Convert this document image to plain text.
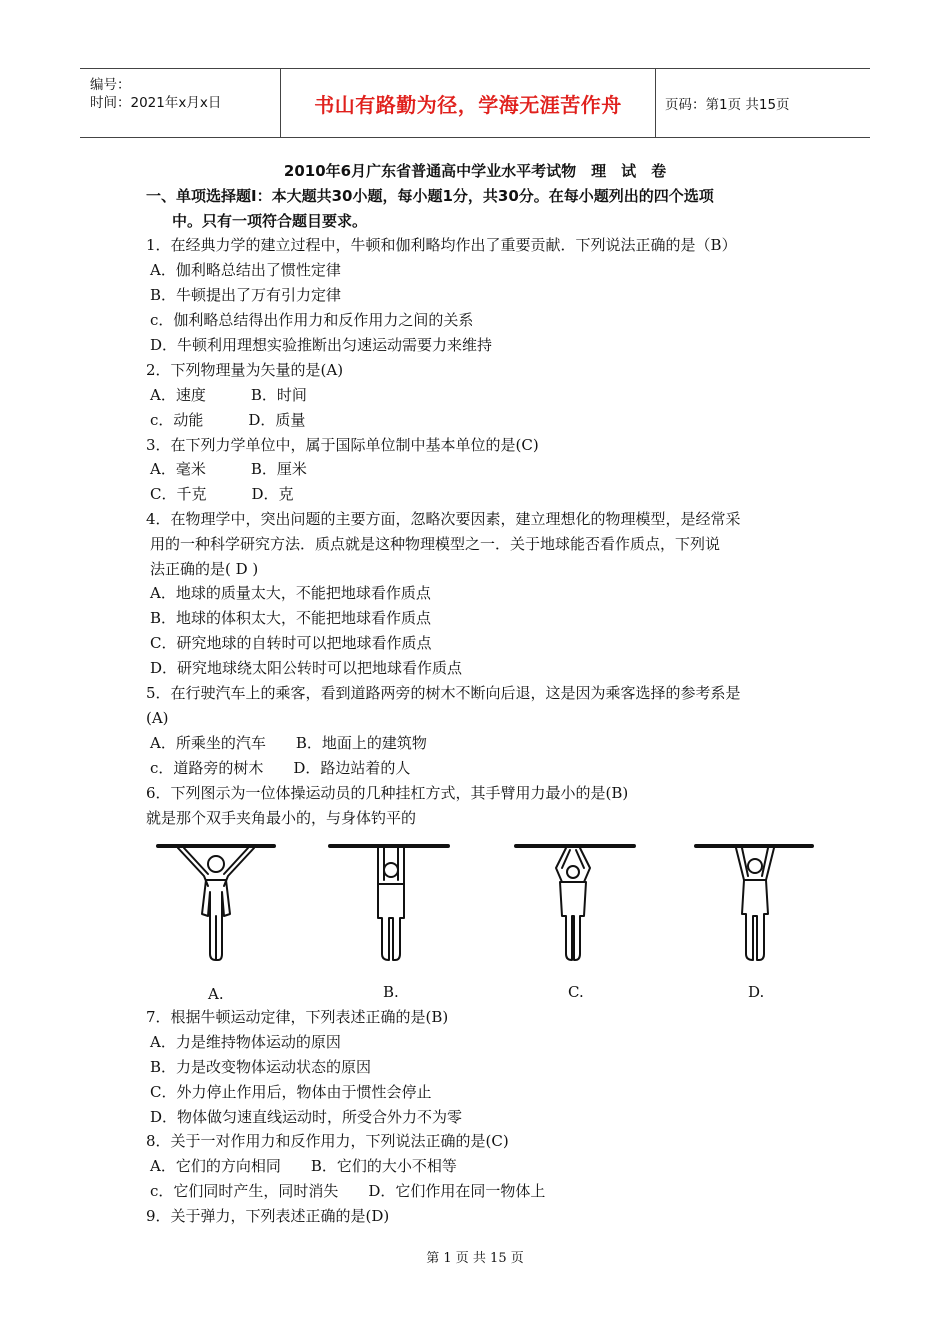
编号：
时间：2021年x月x日	书山有路勤为径，学海无涯苦作舟	页码：第1页 共15页
2010年6月广东省普通高中学业水平考试物　理　试　卷
一、单项选择题Ⅰ：本大题共30小题，每小题1分，共30分。在每小题列出的四个选项
中。只有一项符合题目要求。
1．在经典力学的建立过程中，牛顿和伽利略均作出了重要贡献．下列说法正确的是（B）
A．伽利略总结出了惯性定律
B．牛顿提出了万有引力定律
c．伽利略总结得出作用力和反作用力之间的关系
D．牛顿利用理想实验推断出匀速运动需要力来维持
2．下列物理量为矢量的是(A)
A．速度　　　B．时间
c．动能　　　D．质量
3．在下列力学单位中，属于国际单位制中基本单位的是(C)
A．毫米　　　B．厘米
C．千克　　　D．克
4．在物理学中，突出问题的主要方面，忽略次要因素，建立理想化的物理模型，是经常采
用的一种科学研究方法．质点就是这种物理模型之一．关于地球能否看作质点，下列说
法正确的是( D )
A．地球的质量太大，不能把地球看作质点
B．地球的体积太大，不能把地球看作质点
C．研究地球的自转时可以把地球看作质点
D．研究地球绕太阳公转时可以把地球看作质点
5．在行驶汽车上的乘客，看到道路两旁的树木不断向后退，这是因为乘客选择的参考系是
(A)
A．所乘坐的汽车　　B．地面上的建筑物
c．道路旁的树木　　D．路边站着的人
6．下列图示为一位体操运动员的几种挂杠方式，其手臂用力最小的是(B)
就是那个双手夹角最小的，与身体钓平的
A.	B.	C.	D.
7．根据牛顿运动定律，下列表述正确的是(B)
A．力是维持物体运动的原因
B．力是改变物体运动状态的原因
C．外力停止作用后，物体由于惯性会停止
D．物体做匀速直线运动时，所受合外力不为零
8．关于一对作用力和反作用力，下列说法正确的是(C)
A．它们的方向相同　　B．它们的大小不相等
c．它们同时产生，同时消失　　D．它们作用在同一物体上
9．关于弹力，下列表述正确的是(D)
第 1 页 共 15 页
